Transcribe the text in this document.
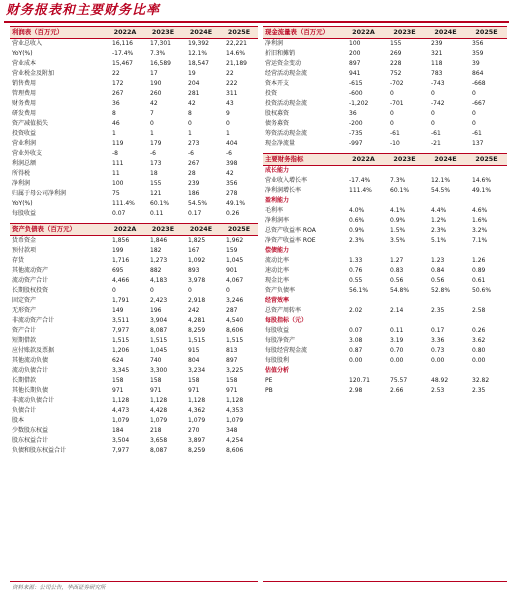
财务报表和主要财务比率
利润表（百万元）	2022A	2023E	2024E	2025E
营业总收入	16,116	17,301	19,392	22,221
YoY(%)	-17.4%	7.3%	12.1%	14.6%
营业成本	15,467	16,589	18,547	21,189
营业税金及附加	22	17	19	22
销售费用	172	190	204	222
管理费用	267	260	281	311
财务费用	36	42	42	43
研发费用	8	7	8	9
资产减值损失	46	0	0	0
投资收益	1	1	1	1
营业利润	119	179	273	404
营业外收支	-8	-6	-6	-6
利润总额	111	173	267	398
所得税	11	18	28	42
净利润	100	155	239	356
归属于母公司净利润	75	121	186	278
YoY(%)	111.4%	60.1%	54.5%	49.1%
每股收益	0.07	0.11	0.17	0.26
资产负债表（百万元）	2022A	2023E	2024E	2025E
货币资金	1,856	1,846	1,825	1,962
预付款项	199	182	167	159
存货	1,716	1,273	1,092	1,045
其他流动资产	695	882	893	901
流动资产合计	4,466	4,183	3,978	4,067
长期股权投资	0	0	0	0
固定资产	1,791	2,423	2,918	3,246
无形资产	149	196	242	287
非流动资产合计	3,511	3,904	4,281	4,540
资产合计	7,977	8,087	8,259	8,606
短期借款	1,515	1,515	1,515	1,515
应付账款及票据	1,206	1,045	915	813
其他流动负债	624	740	804	897
流动负债合计	3,345	3,300	3,234	3,225
长期借款	158	158	158	158
其他长期负债	971	971	971	971
非流动负债合计	1,128	1,128	1,128	1,128
负债合计	4,473	4,428	4,362	4,353
股本	1,079	1,079	1,079	1,079
少数股东权益	184	218	270	348
股东权益合计	3,504	3,658	3,897	4,254
负债和股东权益合计	7,977	8,087	8,259	8,606
现金流量表（百万元）	2022A	2023E	2024E	2025E
净利润	100	155	239	356
折旧和摊销	200	269	321	359
营运资金变动	897	228	118	39
经营活动现金流	941	752	783	864
资本开支	-615	-702	-743	-668
投资	-600	0	0	0
投资活动现金流	-1,202	-701	-742	-667
股权募资	36	0	0	0
债务募资	-200	0	0	0
筹资活动现金流	-735	-61	-61	-61
现金净流量	-997	-10	-21	137
主要财务指标	2022A	2023E	2024E	2025E
成长能力				
营业收入增长率	-17.4%	7.3%	12.1%	14.6%
净利润增长率	111.4%	60.1%	54.5%	49.1%
盈利能力				
毛利率	4.0%	4.1%	4.4%	4.6%
净利润率	0.6%	0.9%	1.2%	1.6%
总资产收益率 ROA	0.9%	1.5%	2.3%	3.2%
净资产收益率 ROE	2.3%	3.5%	5.1%	7.1%
偿债能力				
流动比率	1.33	1.27	1.23	1.26
速动比率	0.76	0.83	0.84	0.89
现金比率	0.55	0.56	0.56	0.61
资产负债率	56.1%	54.8%	52.8%	50.6%
经营效率				
总资产周转率	2.02	2.14	2.35	2.58
每股指标（元）				
每股收益	0.07	0.11	0.17	0.26
每股净资产	3.08	3.19	3.36	3.62
每股经营现金流	0.87	0.70	0.73	0.80
每股股利	0.00	0.00	0.00	0.00
估值分析				
PE	120.71	75.57	48.92	32.82
PB	2.98	2.66	2.53	2.35
资料来源：公司公告，华西证券研究所
